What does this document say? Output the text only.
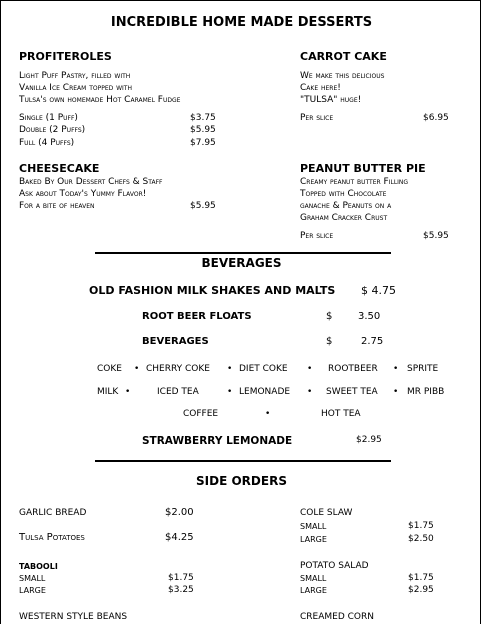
INCREDIBLE HOME MADE DESSERTS
PROFITEROLES
Light Puff Pastry, filled with
Vanilla Ice Cream topped with
Tulsa's own homemade Hot Caramel Fudge
Single (1 Puff)	$3.75
Double (2 Puffs)	$5.95
Full (4 Puffs)	$7.95
CARROT CAKE
We make this delicious
Cake here!
"TULSA" huge!
Per slice	$6.95
CHEESECAKE
Baked By Our Dessert Chefs & Staff
Ask about Today's Yummy Flavor!
For a bite of heaven	$5.95
PEANUT BUTTER PIE
Creamy peanut butter Filling
Topped with Chocolate
ganache & Peanuts on a
Graham Cracker Crust
Per slice	$5.95
BEVERAGES
OLD FASHION MILK SHAKES AND MALTS $ 4.75
ROOT BEER FLOATS	$	3.50
BEVERAGES	$	2.75
COKE • CHERRY COKE • DIET COKE • ROOTBEER • SPRITE
MILK •	ICED TEA	• LEMONADE • SWEET TEA • MR PIBB
COFFEE	•	HOT TEA
STRAWBERRY LEMONADE	$2.95
SIDE ORDERS
GARLIC BREAD	$2.00
Tulsa Potatoes	$4.25
TABOOLI
SMALL	$1.75
LARGE	$3.25
WESTERN STYLE BEANS
COLE SLAW
SMALL	$1.75
LARGE	$2.50
POTATO SALAD
SMALL	$1.75
LARGE	$2.95
CREAMED CORN
